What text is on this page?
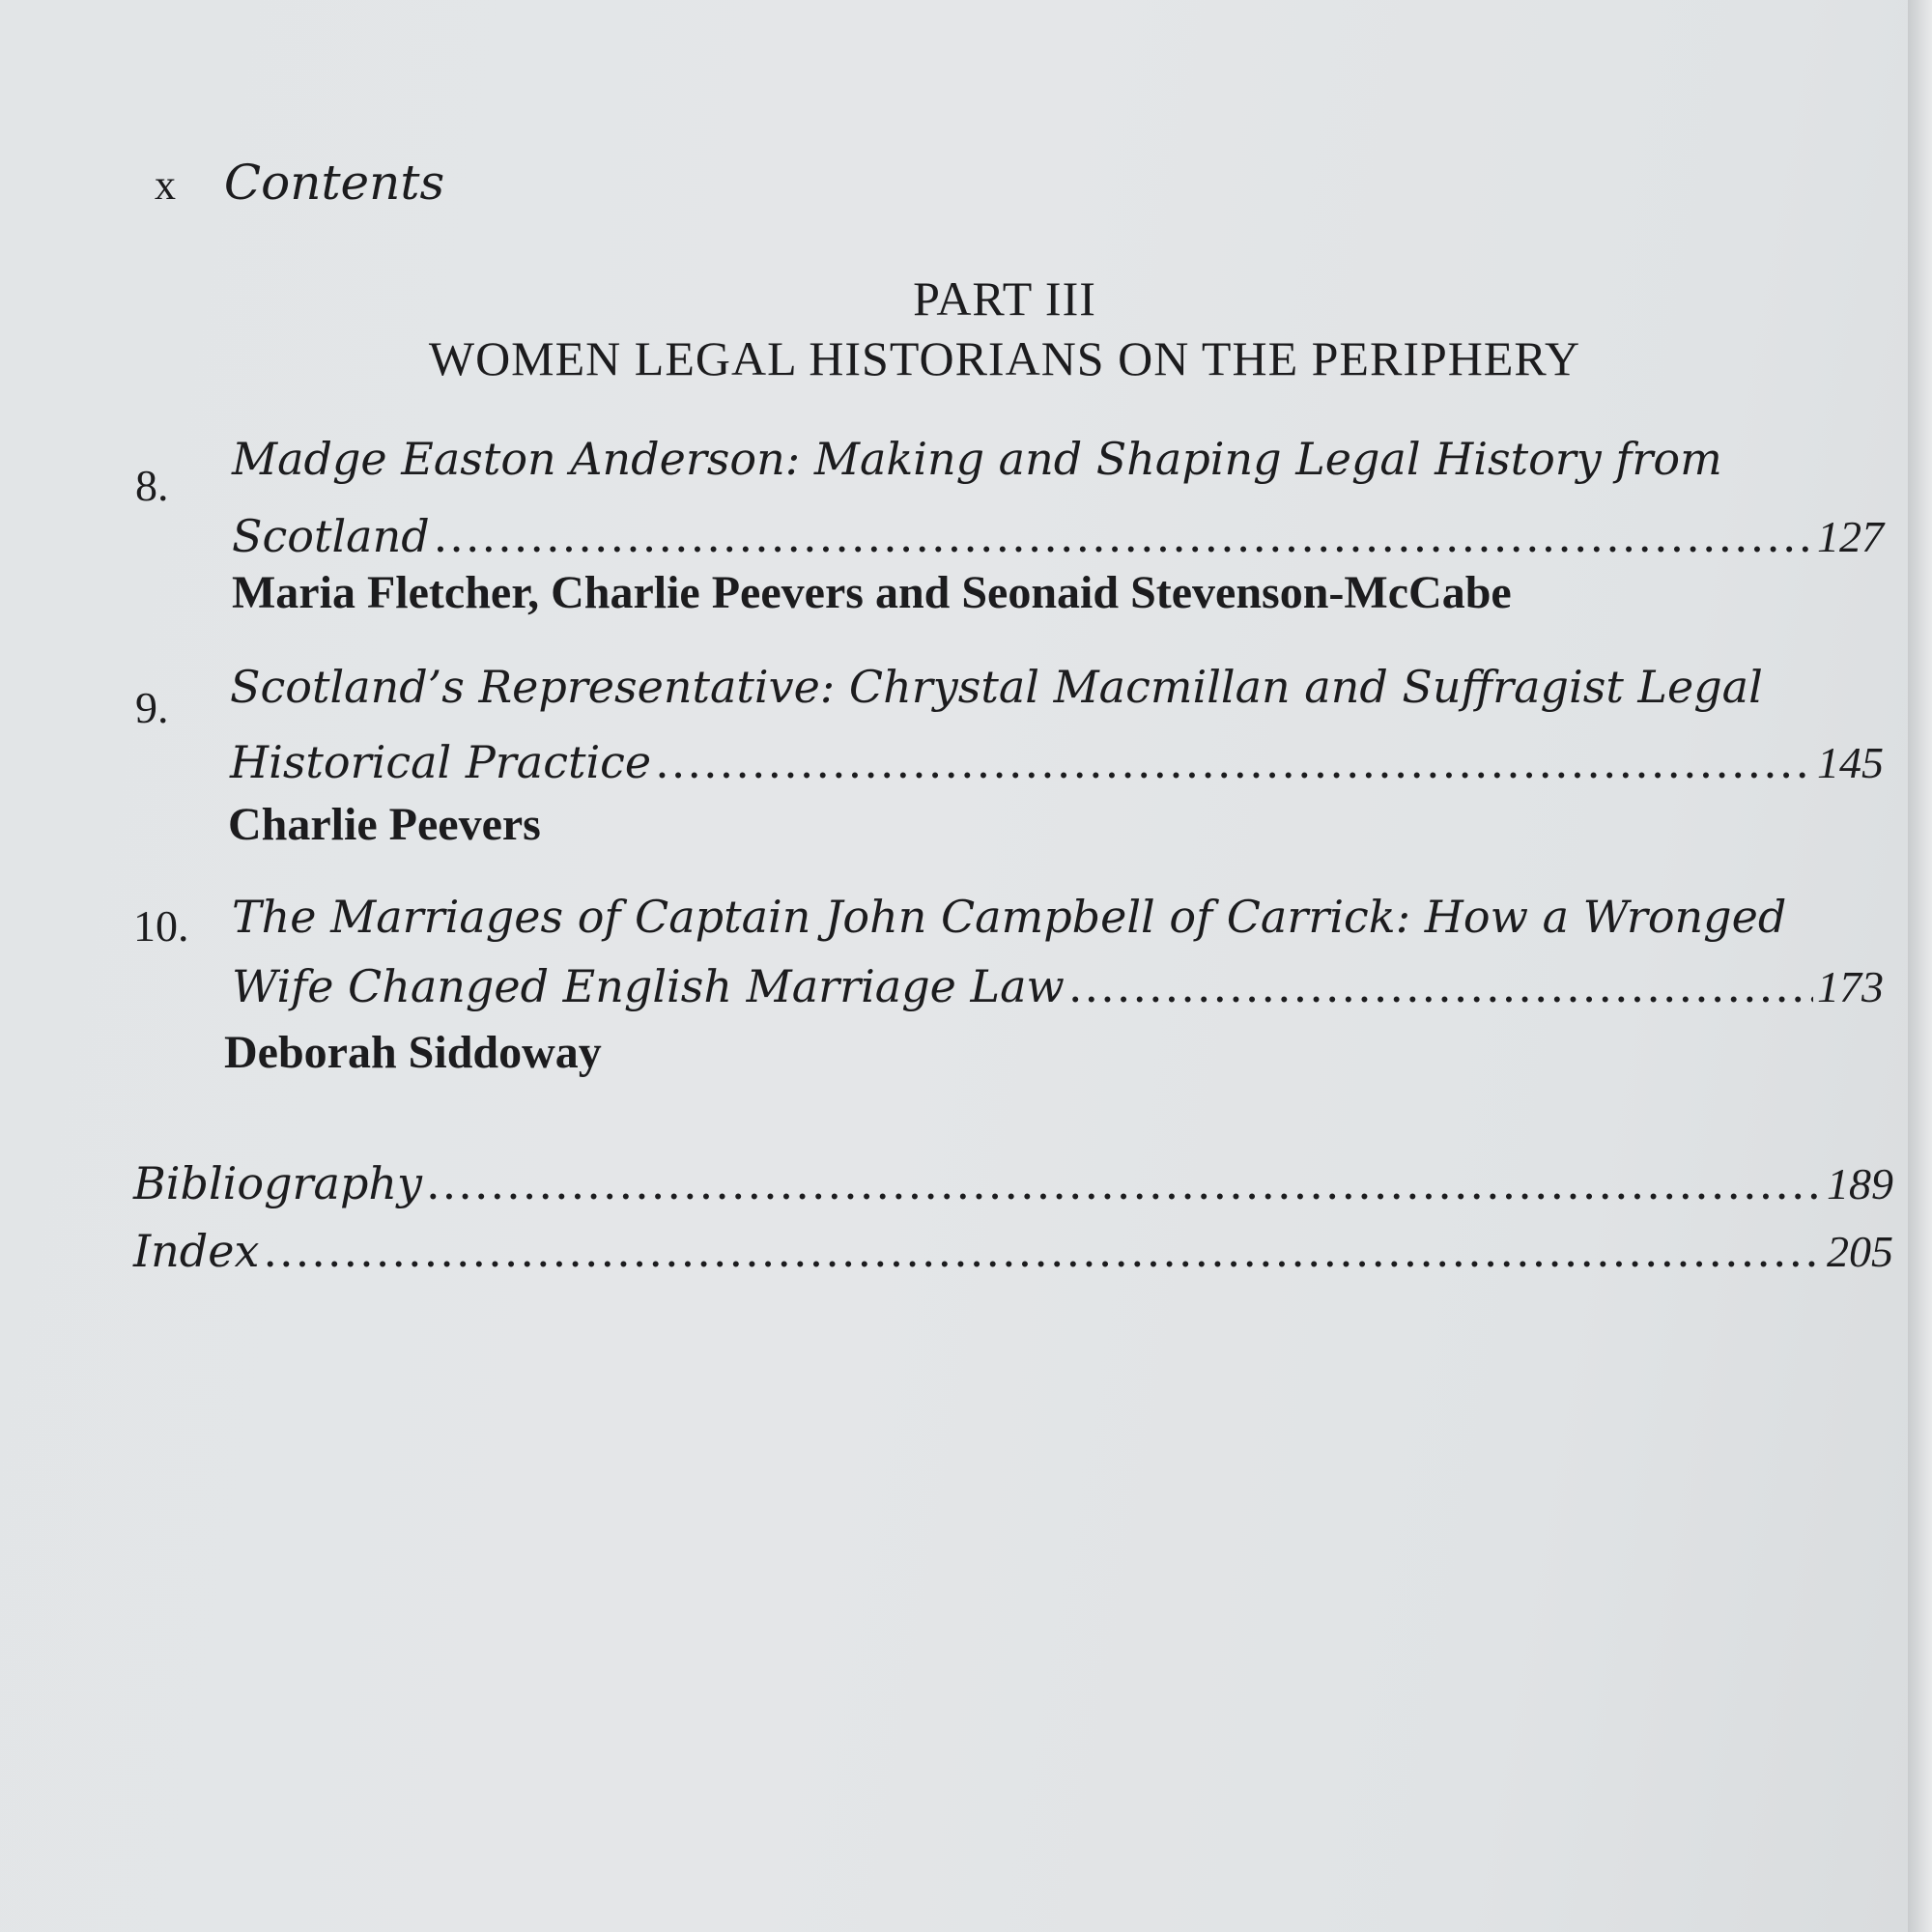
x Contents
PART III
WOMEN LEGAL HISTORIANS ON THE PERIPHERY
8.
Madge Easton Anderson: Making and Shaping Legal History from
Scotland .....	127
Maria Fletcher, Charlie Peevers and Seonaid Stevenson-McCabe
9. Scotland’s Representative: Chrystal Macmillan and Suffragist Legal
Historical Practice .....	145
Charlie Peevers
10. The Marriages of Captain John Campbell of Carrick: How a Wronged
Wife Changed English Marriage Law .....	173
Deborah Siddoway
Bibliography .....	189
Index .....	205
